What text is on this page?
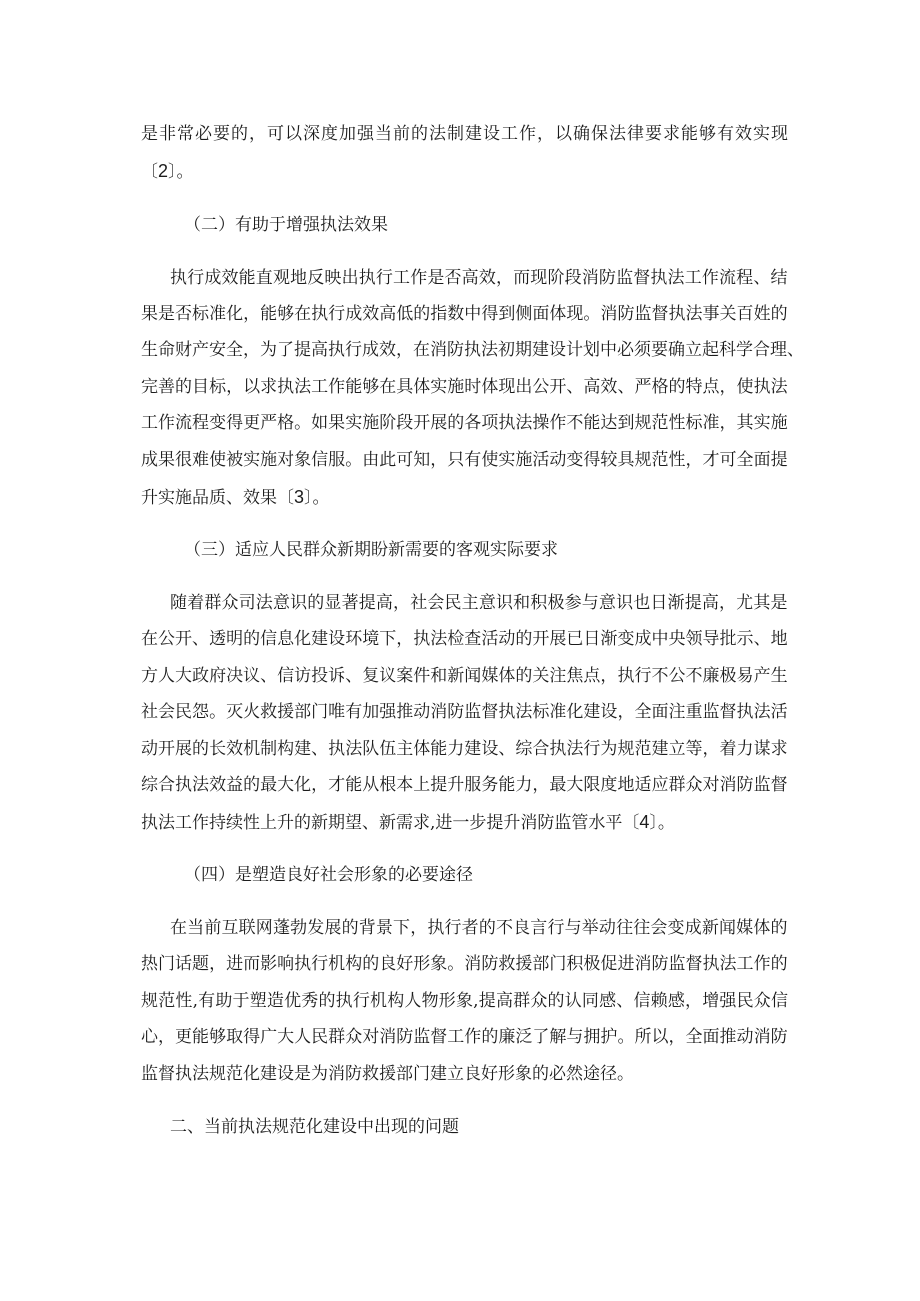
是 非 常 必 要 的 ， 可 以 深 度 加 强 当 前 的 法 制 建 设 工 作 ， 以 确 保 法 律 要 求 能 够 有 效 实 现
〔2〕。
（二）有助于增强执法效果
执 行 成 效 能 直 观 地 反 映 出 执 行 工 作 是 否 高 效 ， 而 现 阶 段 消 防 监 督 执 法 工 作 流 程 、 结
果 是 否 标 准 化 ， 能 够 在 执 行 成 效 高 低 的 指 数 中 得 到 侧 面 体 现 。 消 防 监 督 执 法 事 关 百 姓 的
生 命 财 产 安 全 ， 为 了 提 高 执 行 成 效 ， 在 消 防 执 法 初 期 建 设 计 划 中 必 须 要 确 立 起 科 学 合 理 、
完 善 的 目 标 ， 以 求 执 法 工 作 能 够 在 具 体 实 施 时 体 现 出 公 开 、 高 效 、 严 格 的 特 点 ， 使 执 法
工 作 流 程 变 得 更 严 格 。 如 果 实 施 阶 段 开 展 的 各 项 执 法 操 作 不 能 达 到 规 范 性 标 准 ， 其 实 施
成 果 很 难 使 被 实 施 对 象 信 服 。 由 此 可 知 ， 只 有 使 实 施 活 动 变 得 较 具 规 范 性 ， 才 可 全 面 提
升实施品质、效果〔3〕。
（三）适应人民群众新期盼新需要的客观实际要求
随 着 群 众 司 法 意 识 的 显 著 提 高 ， 社 会 民 主 意 识 和 积 极 参 与 意 识 也 日 渐 提 高 ， 尤 其 是
在 公 开 、 透 明 的 信 息 化 建 设 环 境 下 ， 执 法 检 查 活 动 的 开 展 已 日 渐 变 成 中 央 领 导 批 示 、 地
方 人 大 政 府 决 议 、 信 访 投 诉 、 复 议 案 件 和 新 闻 媒 体 的 关 注 焦 点 ， 执 行 不 公 不 廉 极 易 产 生
社 会 民 怨 。 灭 火 救 援 部 门 唯 有 加 强 推 动 消 防 监 督 执 法 标 准 化 建 设 ， 全 面 注 重 监 督 执 法 活
动 开 展 的 长 效 机 制 构 建 、 执 法 队 伍 主 体 能 力 建 设 、 综 合 执 法 行 为 规 范 建 立 等 ， 着 力 谋 求
综 合 执 法 效 益 的 最 大 化 ， 才 能 从 根 本 上 提 升 服 务 能 力 ， 最 大 限 度 地 适 应 群 众 对 消 防 监 督
执法工作持续性上升的新期望、新需求,进一步提升消防监管水平〔4〕。
（四）是塑造良好社会形象的必要途径
在 当 前 互 联 网 蓬 勃 发 展 的 背 景 下 ， 执 行 者 的 不 良 言 行 与 举 动 往 往 会 变 成 新 闻 媒 体 的
热 门 话 题 ， 进 而 影 响 执 行 机 构 的 良 好 形 象 。 消 防 救 援 部 门 积 极 促 进 消 防 监 督 执 法 工 作 的
规 范 性 , 有 助 于 塑 造 优 秀 的 执 行 机 构 人 物 形 象 , 提 高 群 众 的 认 同 感 、 信 赖 感 ， 增 强 民 众 信
心 ， 更 能 够 取 得 广 大 人 民 群 众 对 消 防 监 督 工 作 的 廉 泛 了 解 与 拥 护 。 所 以 ， 全 面 推 动 消 防
监督执法规范化建设是为消防救援部门建立良好形象的必然途径。
二、当前执法规范化建设中出现的问题
